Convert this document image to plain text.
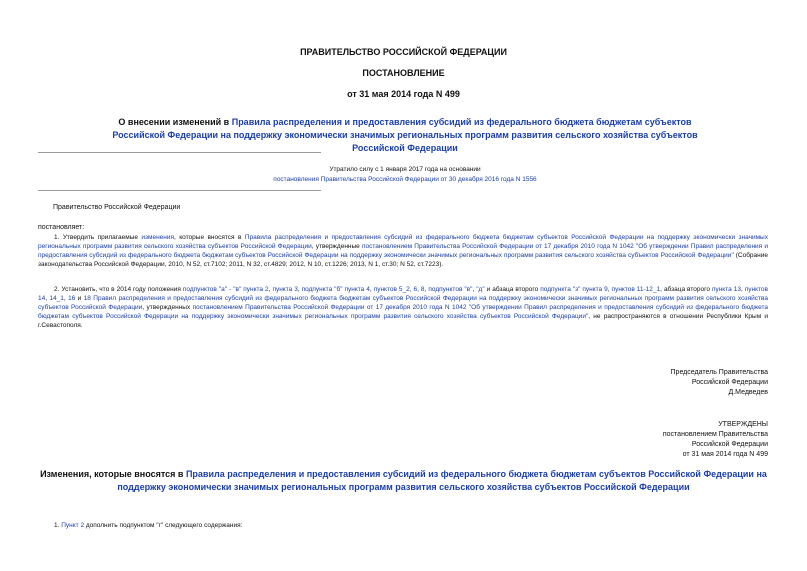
ПРАВИТЕЛЬСТВО РОССИЙСКОЙ ФЕДЕРАЦИИ
ПОСТАНОВЛЕНИЕ
от 31 мая 2014 года N 499
О внесении изменений в Правила распределения и предоставления субсидий из федерального бюджета бюджетам субъектов Российской Федерации на поддержку экономически значимых региональных программ развития сельского хозяйства субъектов Российской Федерации
Утратило силу с 1 января 2017 года на основании
постановления Правительства Российской Федерации от 30 декабря 2016 года N 1556
Правительство Российской Федерации
постановляет:
1. Утвердить прилагаемые изменения, которые вносятся в Правила распределения и предоставления субсидий из федерального бюджета бюджетам субъектов Российской Федерации на поддержку экономически значимых региональных программ развития сельского хозяйства субъектов Российской Федерации, утвержденные постановлением Правительства Российской Федерации от 17 декабря 2010 года N 1042 "Об утверждении Правил распределения и предоставления субсидий из федерального бюджета бюджетам субъектов Российской Федерации на поддержку экономически значимых региональных программ развития сельского хозяйства субъектов Российской Федерации" (Собрание законодательства Российской Федерации, 2010, N 52, ст.7102; 2011, N 32, ст.4829; 2012, N 10, ст.1226; 2013, N 1, ст.30; N 52, ст.7223).
2. Установить, что в 2014 году положения подпунктов "а" - "в" пункта 2, пункта 3, подпункта "б" пункта 4, пунктов 5_2, 6, 8, подпунктов "в", "д" и абзаца второго подпункта "з" пункта 9, пунктов 11-12_1, абзаца второго пункта 13, пунктов 14, 14_1, 16 и 18 Правил распределения и предоставления субсидий из федерального бюджета бюджетам субъектов Российской Федерации на поддержку экономически значимых региональных программ развития сельского хозяйства субъектов Российской Федерации, утвержденных постановлением Правительства Российской Федерации от 17 декабря 2010 года N 1042 "Об утверждении Правил распределения и предоставления субсидий из федерального бюджета бюджетам субъектов Российской Федерации на поддержку экономически значимых региональных программ развития сельского хозяйства субъектов Российской Федерации", не распространяются в отношении Республики Крым и г.Севастополя.

Председатель Правительства

Российской Федерации

Д.Медведев

УТВЕРЖДЕНЫ

постановлением Правительства

Российской Федерации

от 31 мая 2014 года N 499

Изменения, которые вносятся в Правила распределения и предоставления субсидий из федерального бюджета бюджетам субъектов Российской Федерации на поддержку экономически значимых региональных программ развития сельского хозяйства субъектов Российской Федерации
1. Пункт 2 дополнить подпунктом "г" следующего содержания:
